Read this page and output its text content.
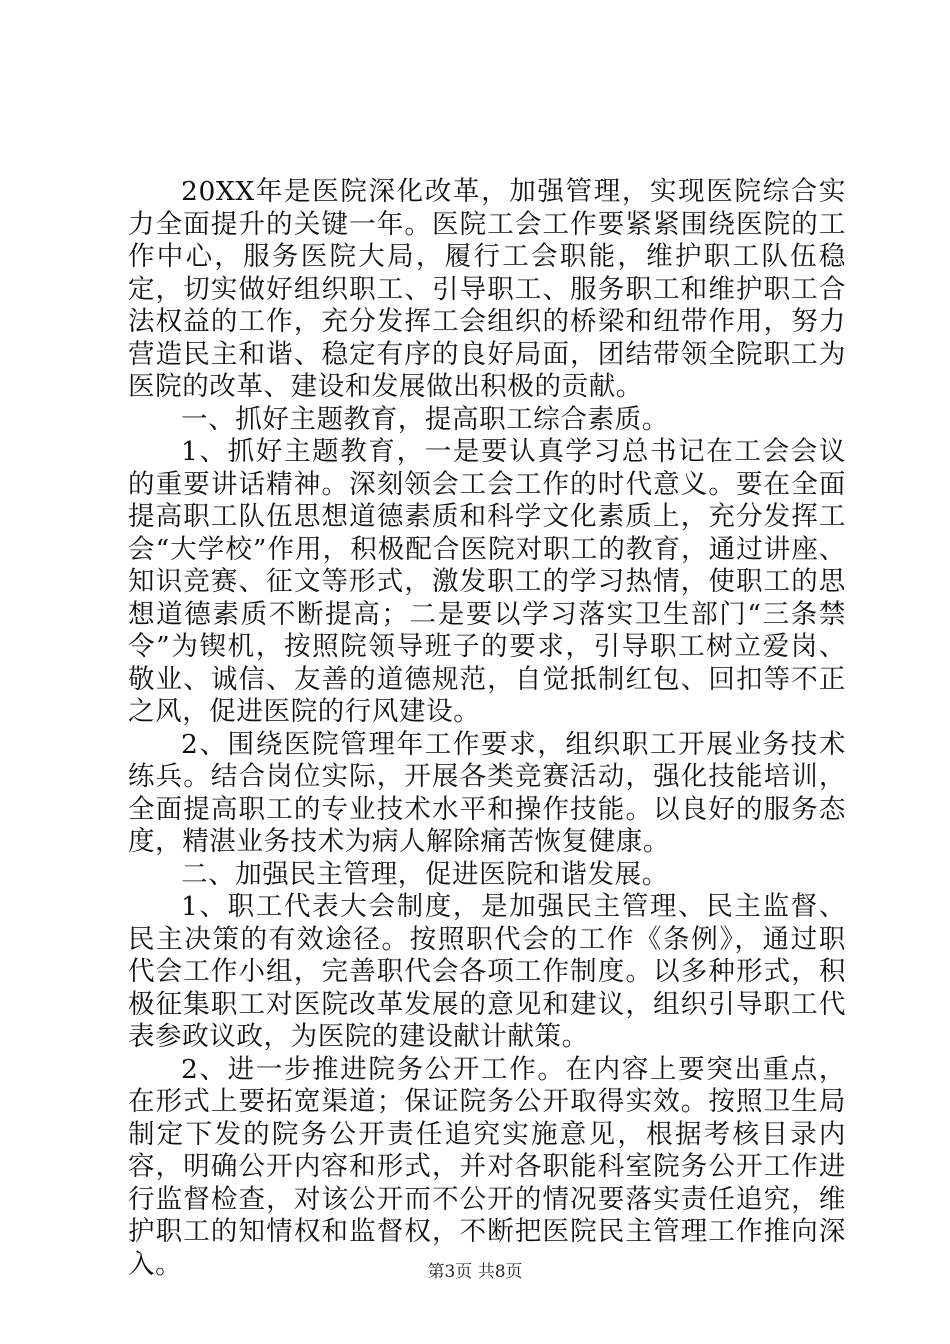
20XX年是医院深化改革，加强管理，实现医院综合实力全面提升的关键一年。医院工会工作要紧紧围绕医院的工作中心，服务医院大局，履行工会职能，维护职工队伍稳定，切实做好组织职工、引导职工、服务职工和维护职工合法权益的工作，充分发挥工会组织的桥梁和纽带作用，努力营造民主和谐、稳定有序的良好局面，团结带领全院职工为医院的改革、建设和发展做出积极的贡献。

一、抓好主题教育，提高职工综合素质。

1、抓好主题教育，一是要认真学习总书记在工会会议的重要讲话精神。深刻领会工会工作的时代意义。要在全面提高职工队伍思想道德素质和科学文化素质上，充分发挥工会“大学校”作用，积极配合医院对职工的教育，通过讲座、知识竞赛、征文等形式，激发职工的学习热情，使职工的思想道德素质不断提高；二是要以学习落实卫生部门“三条禁令”为锲机，按照院领导班子的要求，引导职工树立爱岗、敬业、诚信、友善的道德规范，自觉抵制红包、回扣等不正之风，促进医院的行风建设。

2、围绕医院管理年工作要求，组织职工开展业务技术练兵。结合岗位实际，开展各类竞赛活动，强化技能培训，全面提高职工的专业技术水平和操作技能。以良好的服务态度，精湛业务技术为病人解除痛苦恢复健康。

二、加强民主管理，促进医院和谐发展。

1、职工代表大会制度，是加强民主管理、民主监督、民主决策的有效途径。按照职代会的工作《条例》，通过职代会工作小组，完善职代会各项工作制度。以多种形式，积极征集职工对医院改革发展的意见和建议，组织引导职工代表参政议政，为医院的建设献计献策。

2、进一步推进院务公开工作。在内容上要突出重点，在形式上要拓宽渠道；保证院务公开取得实效。按照卫生局制定下发的院务公开责任追究实施意见，根据考核目录内容，明确公开内容和形式，并对各职能科室院务公开工作进行监督检查，对该公开而不公开的情况要落实责任追究，维护职工的知情权和监督权，不断把医院民主管理工作推向深入。	第3页 共8页
